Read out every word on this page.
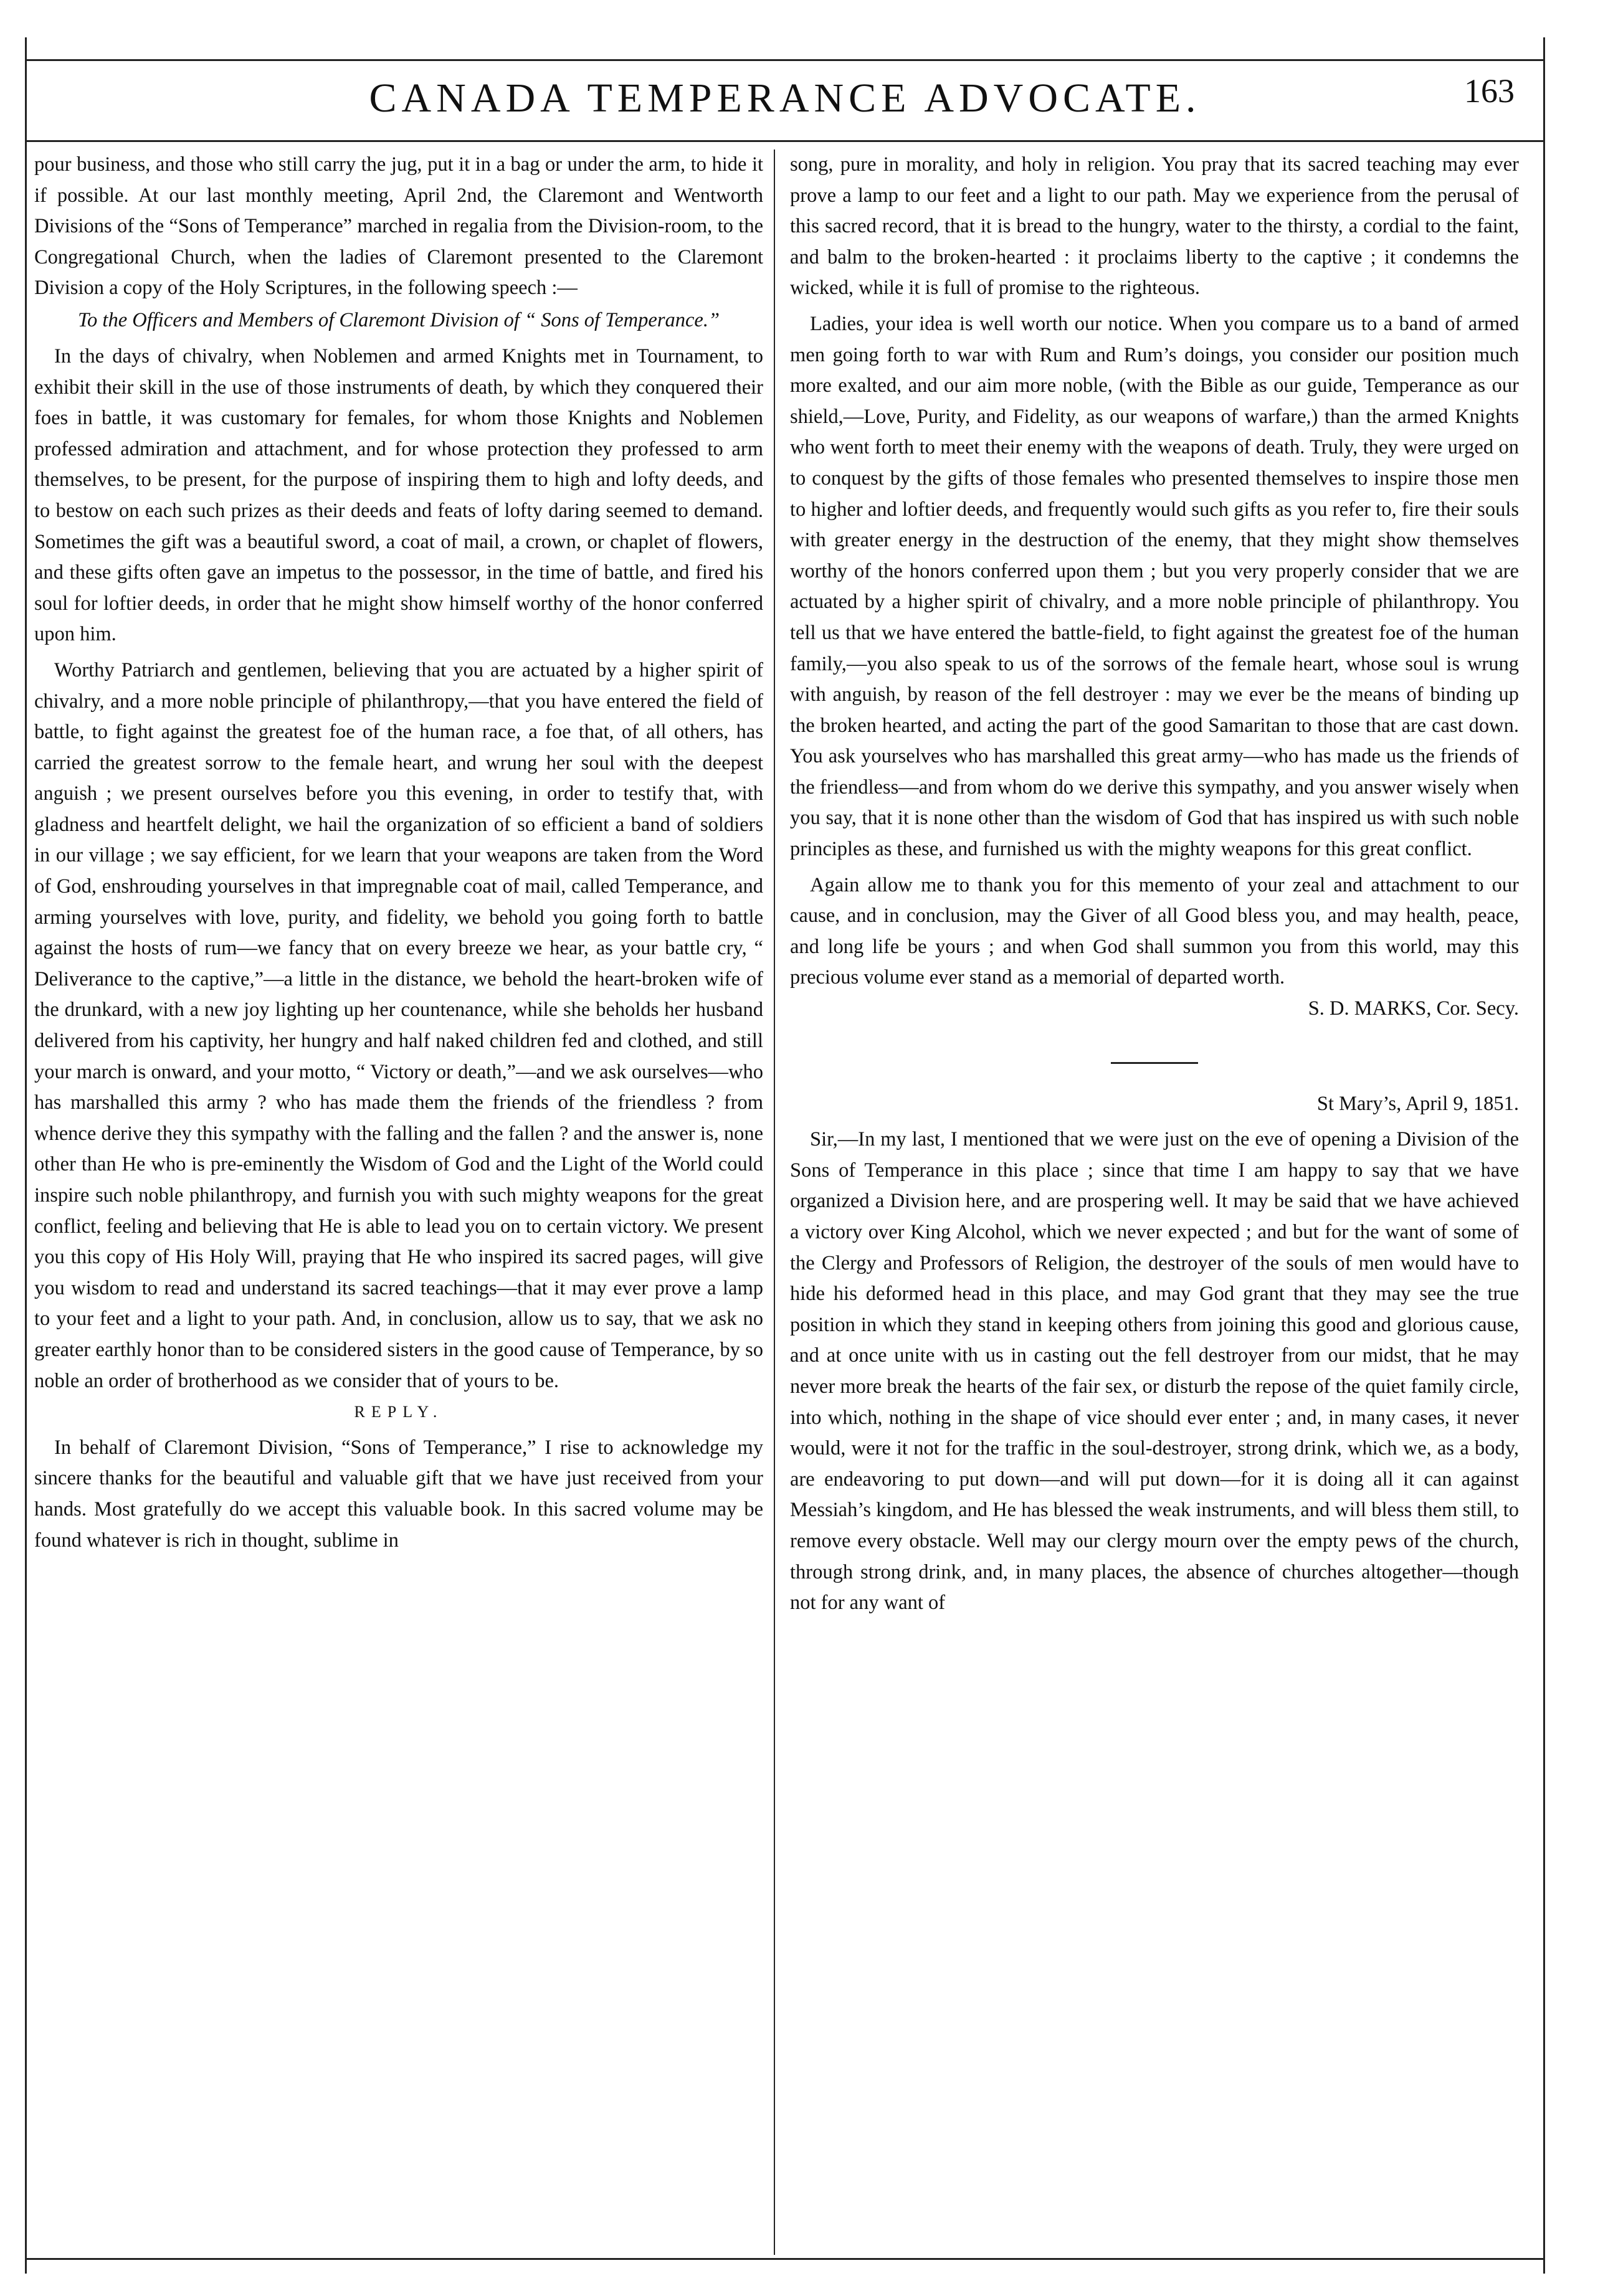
CANADA TEMPERANCE ADVOCATE.	163

pour business, and those who still carry the jug, put it in a bag or under the arm, to hide it if possible. At our last monthly meeting, April 2nd, the Claremont and Wentworth Divisions of the “Sons of Temperance” marched in regalia from the Division-room, to the Congregational Church, when the ladies of Claremont presented to the Claremont Division a copy of the Holy Scriptures, in the following speech :—

To the Officers and Members of Claremont Division of “ Sons of Temperance.”

In the days of chivalry, when Noblemen and armed Knights met in Tournament, to exhibit their skill in the use of those instruments of death, by which they conquered their foes in battle, it was customary for females, for whom those Knights and Noblemen professed admiration and attachment, and for whose protection they professed to arm themselves, to be present, for the purpose of inspiring them to high and lofty deeds, and to bestow on each such prizes as their deeds and feats of lofty daring seemed to demand. Sometimes the gift was a beautiful sword, a coat of mail, a crown, or chaplet of flowers, and these gifts often gave an impetus to the possessor, in the time of battle, and fired his soul for loftier deeds, in order that he might show himself worthy of the honor conferred upon him.

Worthy Patriarch and gentlemen, believing that you are actuated by a higher spirit of chivalry, and a more noble principle of philanthropy,—that you have entered the field of battle, to fight against the greatest foe of the human race, a foe that, of all others, has carried the greatest sorrow to the female heart, and wrung her soul with the deepest anguish ; we present ourselves before you this evening, in order to testify that, with gladness and heartfelt delight, we hail the organization of so efficient a band of soldiers in our village ; we say efficient, for we learn that your weapons are taken from the Word of God, enshrouding yourselves in that impregnable coat of mail, called Temperance, and arming yourselves with love, purity, and fidelity, we behold you going forth to battle against the hosts of rum—we fancy that on every breeze we hear, as your battle cry, “ Deliverance to the captive,”—a little in the distance, we behold the heart-broken wife of the drunkard, with a new joy lighting up her countenance, while she beholds her husband delivered from his captivity, her hungry and half naked children fed and clothed, and still your march is onward, and your motto, “ Victory or death,”—and we ask ourselves—who has marshalled this army ? who has made them the friends of the friendless ? from whence derive they this sympathy with the falling and the fallen ? and the answer is, none other than He who is pre-eminently the Wisdom of God and the Light of the World could inspire such noble philanthropy, and furnish you with such mighty weapons for the great conflict, feeling and believing that He is able to lead you on to certain victory. We present you this copy of His Holy Will, praying that He who inspired its sacred pages, will give you wisdom to read and understand its sacred teachings—that it may ever prove a lamp to your feet and a light to your path. And, in conclusion, allow us to say, that we ask no greater earthly honor than to be considered sisters in the good cause of Temperance, by so noble an order of brotherhood as we consider that of yours to be.

REPLY.

In behalf of Claremont Division, “Sons of Temperance,” I rise to acknowledge my sincere thanks for the beautiful and valuable gift that we have just received from your hands. Most gratefully do we accept this valuable book. In this sacred volume may be found whatever is rich in thought, sublime in

song, pure in morality, and holy in religion. You pray that its sacred teaching may ever prove a lamp to our feet and a light to our path. May we experience from the perusal of this sacred record, that it is bread to the hungry, water to the thirsty, a cordial to the faint, and balm to the broken-hearted : it proclaims liberty to the captive ; it condemns the wicked, while it is full of promise to the righteous.

Ladies, your idea is well worth our notice. When you compare us to a band of armed men going forth to war with Rum and Rum’s doings, you consider our position much more exalted, and our aim more noble, (with the Bible as our guide, Temperance as our shield,—Love, Purity, and Fidelity, as our weapons of warfare,) than the armed Knights who went forth to meet their enemy with the weapons of death. Truly, they were urged on to conquest by the gifts of those females who presented themselves to inspire those men to higher and loftier deeds, and frequently would such gifts as you refer to, fire their souls with greater energy in the destruction of the enemy, that they might show themselves worthy of the honors conferred upon them ; but you very properly consider that we are actuated by a higher spirit of chivalry, and a more noble principle of philanthropy. You tell us that we have entered the battle-field, to fight against the greatest foe of the human family,—you also speak to us of the sorrows of the female heart, whose soul is wrung with anguish, by reason of the fell destroyer : may we ever be the means of binding up the broken hearted, and acting the part of the good Samaritan to those that are cast down. You ask yourselves who has marshalled this great army—who has made us the friends of the friendless—and from whom do we derive this sympathy, and you answer wisely when you say, that it is none other than the wisdom of God that has inspired us with such noble principles as these, and furnished us with the mighty weapons for this great conflict.

Again allow me to thank you for this memento of your zeal and attachment to our cause, and in conclusion, may the Giver of all Good bless you, and may health, peace, and long life be yours ; and when God shall summon you from this world, may this precious volume ever stand as a memorial of departed worth.

S. D. MARKS, Cor. Secy.

St Mary’s, April 9, 1851.

Sir,—In my last, I mentioned that we were just on the eve of opening a Division of the Sons of Temperance in this place ; since that time I am happy to say that we have organized a Division here, and are prospering well. It may be said that we have achieved a victory over King Alcohol, which we never expected ; and but for the want of some of the Clergy and Professors of Religion, the destroyer of the souls of men would have to hide his deformed head in this place, and may God grant that they may see the true position in which they stand in keeping others from joining this good and glorious cause, and at once unite with us in casting out the fell destroyer from our midst, that he may never more break the hearts of the fair sex, or disturb the repose of the quiet family circle, into which, nothing in the shape of vice should ever enter ; and, in many cases, it never would, were it not for the traffic in the soul-destroyer, strong drink, which we, as a body, are endeavoring to put down—and will put down—for it is doing all it can against Messiah’s kingdom, and He has blessed the weak instruments, and will bless them still, to remove every obstacle. Well may our clergy mourn over the empty pews of the church, through strong drink, and, in many places, the absence of churches altogether—though not for any want of
